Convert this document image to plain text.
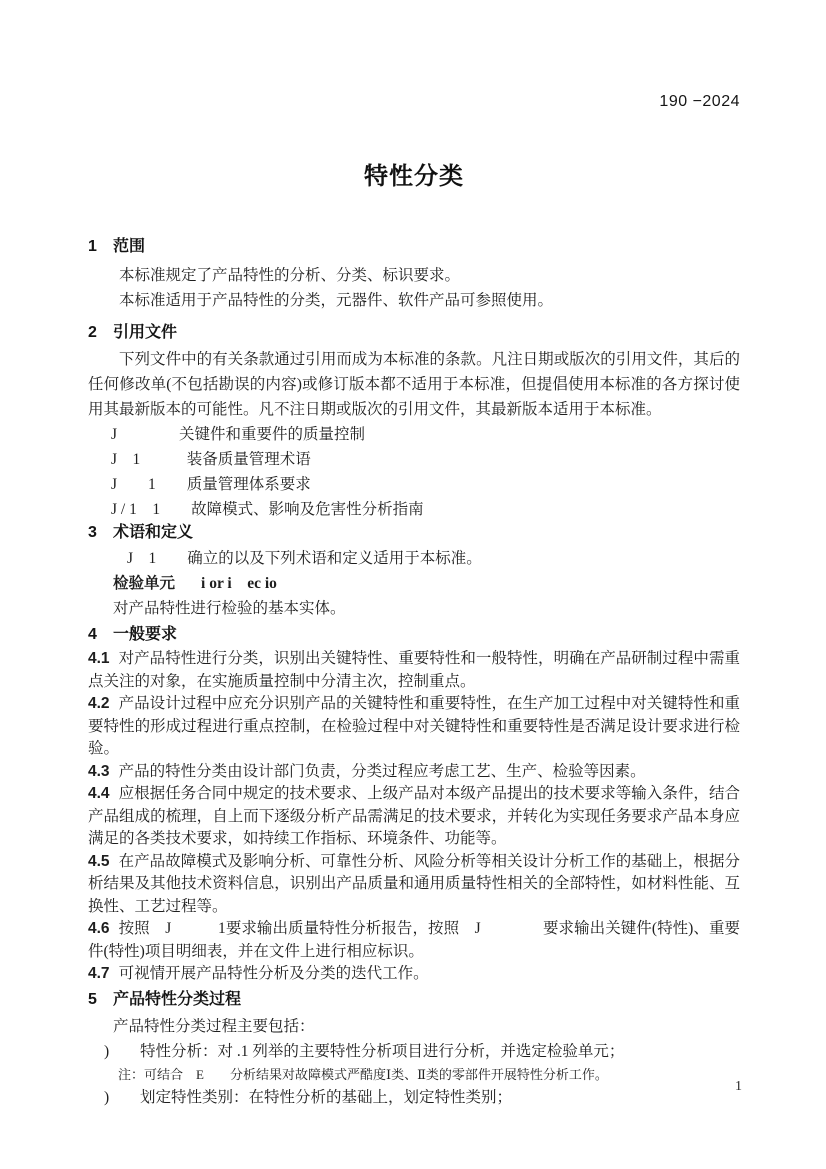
190 −2024
特性分类
1 范围

本标准规定了产品特性的分析、分类、标识要求。

本标准适用于产品特性的分类，元器件、软件产品可参照使用。

2 引用文件

下列文件中的有关条款通过引用而成为本标准的条款。凡注日期或版次的引用文件，其后的任何修改单(不包括勘误的内容)或修订版本都不适用于本标准，但提倡使用本标准的各方探讨使用其最新版本的可能性。凡不注日期或版次的引用文件，其最新版本适用于本标准。

J　　　　关键件和重要件的质量控制
J　1　　　装备质量管理术语
J　　1　　质量管理体系要求
J / 1　1　　故障模式、影响及危害性分析指南
3 术语和定义

J　1　　确立的以及下列术语和定义适用于本标准。

检验单元 i or i　ec io

对产品特性进行检验的基本实体。

4 一般要求

4.1 对产品特性进行分类，识别出关键特性、重要特性和一般特性，明确在产品研制过程中需重点关注的对象，在实施质量控制中分清主次，控制重点。

4.2 产品设计过程中应充分识别产品的关键特性和重要特性，在生产加工过程中对关键特性和重要特性的形成过程进行重点控制，在检验过程中对关键特性和重要特性是否满足设计要求进行检验。

4.3 产品的特性分类由设计部门负责，分类过程应考虑工艺、生产、检验等因素。

4.4 应根据任务合同中规定的技术要求、上级产品对本级产品提出的技术要求等输入条件，结合产品组成的梳理，自上而下逐级分析产品需满足的技术要求，并转化为实现任务要求产品本身应满足的各类技术要求，如持续工作指标、环境条件、功能等。

4.5 在产品故障模式及影响分析、可靠性分析、风险分析等相关设计分析工作的基础上，根据分析结果及其他技术资料信息，识别出产品质量和通用质量特性相关的全部特性，如材料性能、互换性、工艺过程等。

4.6 按照　J　　　1要求输出质量特性分析报告，按照　J　　　　要求输出关键件(特性)、重要件(特性)项目明细表，并在文件上进行相应标识。

4.7 可视情开展产品特性分析及分类的迭代工作。

5 产品特性分类过程

产品特性分类过程主要包括：

) 特性分析：对 .1 列举的主要特性分析项目进行分析，并选定检验单元；
注：可结合　E　　分析结果对故障模式严酷度Ⅰ类、Ⅱ类的零部件开展特性分析工作。
) 划定特性类别：在特性分析的基础上，划定特性类别；
1
